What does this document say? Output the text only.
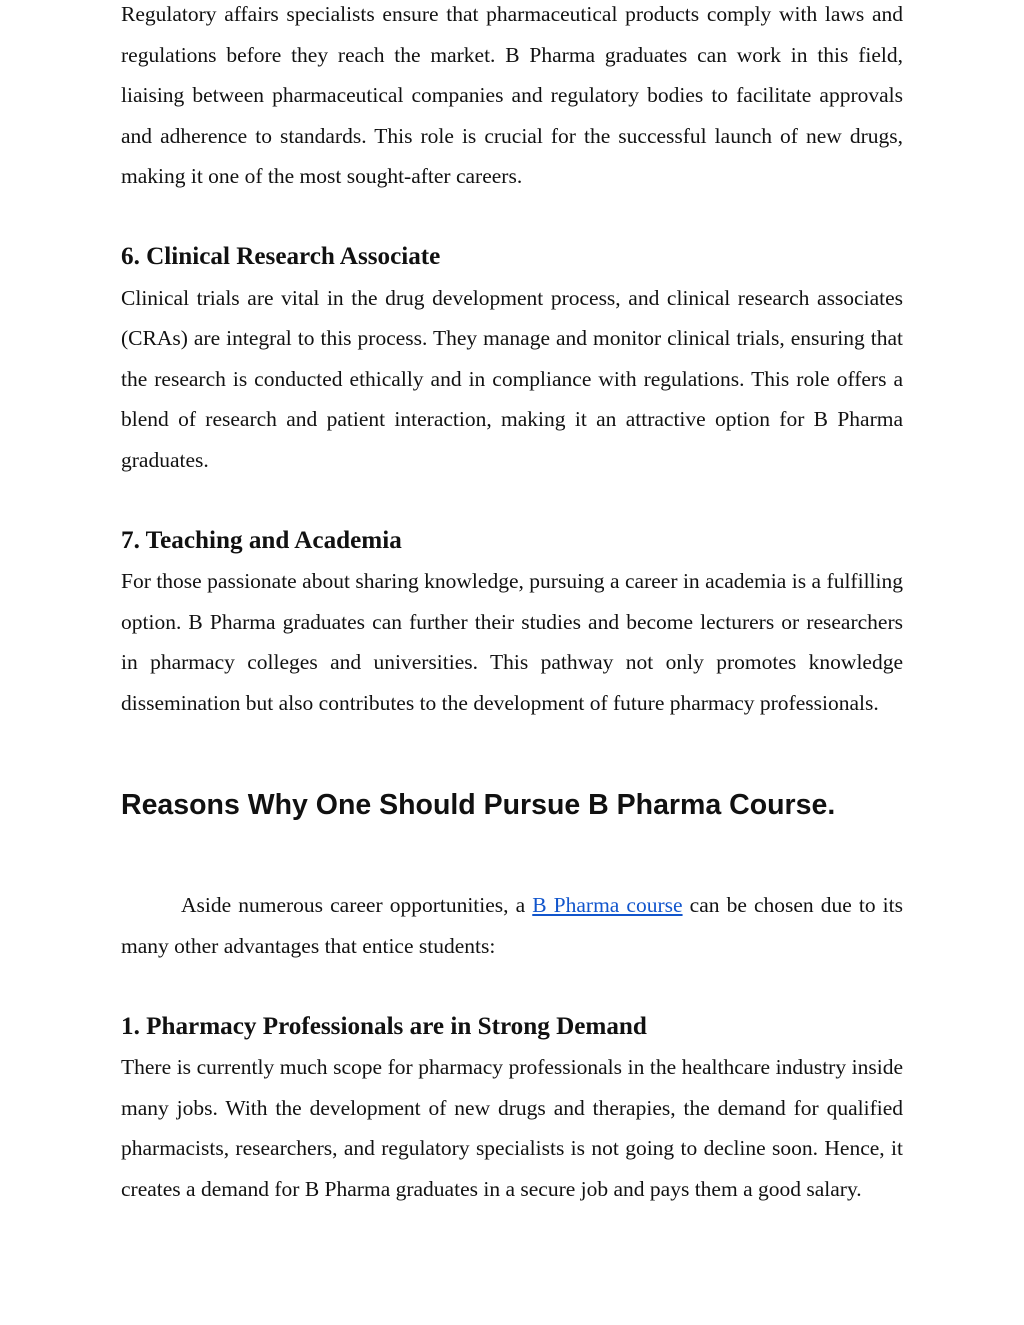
Regulatory affairs specialists ensure that pharmaceutical products comply with laws and regulations before they reach the market. B Pharma graduates can work in this field, liaising between pharmaceutical companies and regulatory bodies to facilitate approvals and adherence to standards. This role is crucial for the successful launch of new drugs, making it one of the most sought-after careers.

6. Clinical Research Associate

Clinical trials are vital in the drug development process, and clinical research associates (CRAs) are integral to this process. They manage and monitor clinical trials, ensuring that the research is conducted ethically and in compliance with regulations. This role offers a blend of research and patient interaction, making it an attractive option for B Pharma graduates.

7. Teaching and Academia

For those passionate about sharing knowledge, pursuing a career in academia is a fulfilling option. B Pharma graduates can further their studies and become lecturers or researchers in pharmacy colleges and universities. This pathway not only promotes knowledge dissemination but also contributes to the development of future pharmacy professionals.

Reasons Why One Should Pursue B Pharma Course.

Aside numerous career opportunities, a B Pharma course can be chosen due to its many other advantages that entice students:

1. Pharmacy Professionals are in Strong Demand

There is currently much scope for pharmacy professionals in the healthcare industry inside many jobs. With the development of new drugs and therapies, the demand for qualified pharmacists, researchers, and regulatory specialists is not going to decline soon. Hence, it creates a demand for B Pharma graduates in a secure job and pays them a good salary.
